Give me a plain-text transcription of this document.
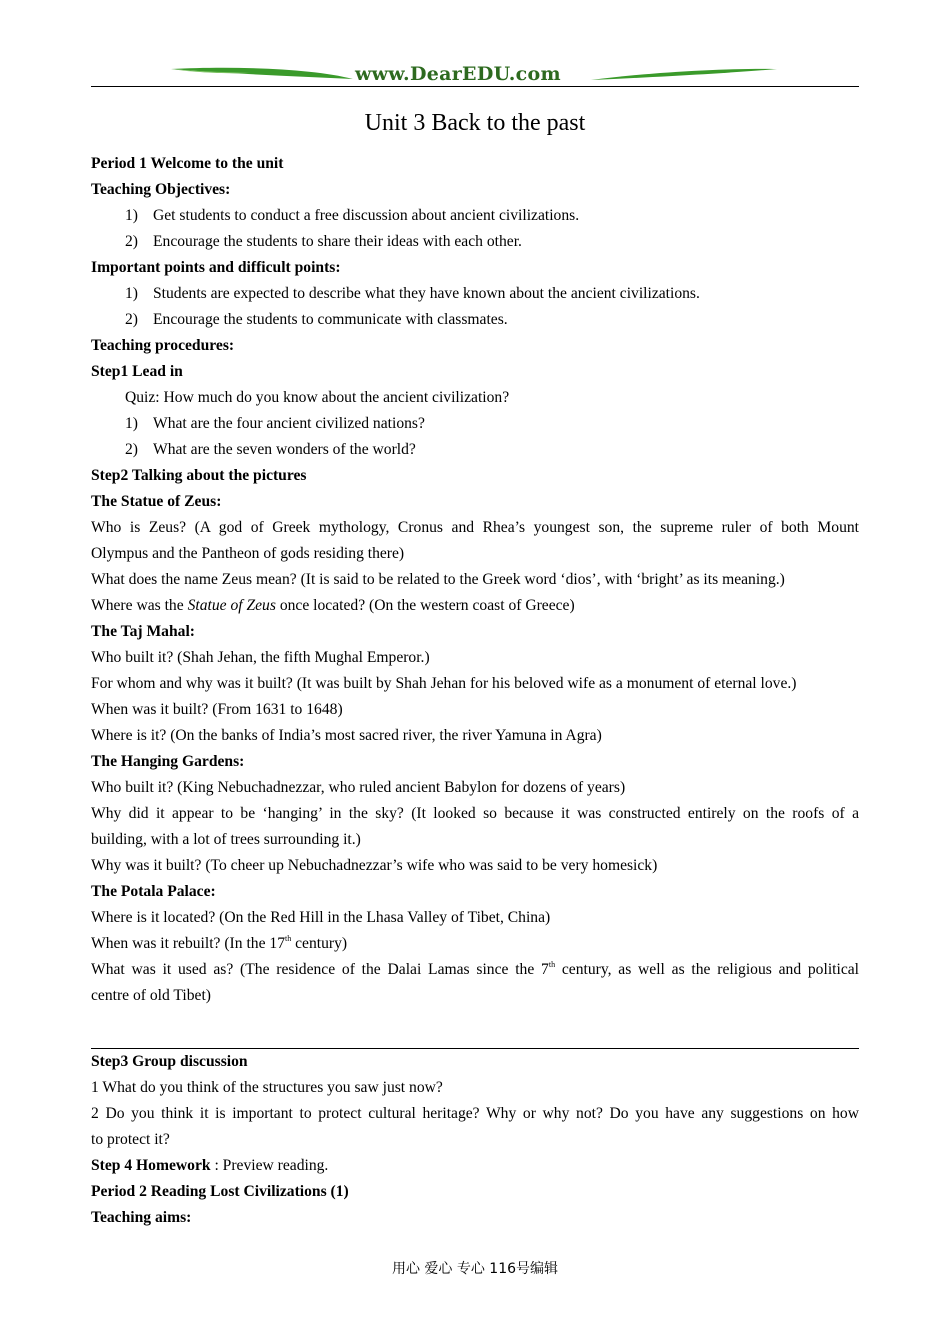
www.DearEDU.com
Unit 3 Back to the past
Period 1 Welcome to the unit
Teaching Objectives:
1) Get students to conduct a free discussion about ancient civilizations.
2) Encourage the students to share their ideas with each other.
Important points and difficult points:
1) Students are expected to describe what they have known about the ancient civilizations.
2) Encourage the students to communicate with classmates.
Teaching procedures:
Step1 Lead in
Quiz: How much do you know about the ancient civilization?
1) What are the four ancient civilized nations?
2) What are the seven wonders of the world?
Step2 Talking about the pictures
The Statue of Zeus:
Who is Zeus? (A god of Greek mythology, Cronus and Rhea’s youngest son, the supreme ruler of both Mount
Olympus and the Pantheon of gods residing there)
What does the name Zeus mean? (It is said to be related to the Greek word ‘dios’, with ‘bright’ as its meaning.)
Where was the Statue of Zeus once located? (On the western coast of Greece)
The Taj Mahal:
Who built it? (Shah Jehan, the fifth Mughal Emperor.)
For whom and why was it built? (It was built by Shah Jehan for his beloved wife as a monument of eternal love.)
When was it built? (From 1631 to 1648)
Where is it? (On the banks of India’s most sacred river, the river Yamuna in Agra)
The Hanging Gardens:
Who built it? (King Nebuchadnezzar, who ruled ancient Babylon for dozens of years)
Why did it appear to be ‘hanging’ in the sky? (It looked so because it was constructed entirely on the roofs of a
building, with a lot of trees surrounding it.)
Why was it built? (To cheer up Nebuchadnezzar’s wife who was said to be very homesick)
The Potala Palace:
Where is it located? (On the Red Hill in the Lhasa Valley of Tibet, China)
When was it rebuilt? (In the 17th century)
What was it used as? (The residence of the Dalai Lamas since the 7th century, as well as the religious and political
centre of old Tibet)
Step3 Group discussion
1 What do you think of the structures you saw just now?
2 Do you think it is important to protect cultural heritage? Why or why not? Do you have any suggestions on how
to protect it?
Step 4 Homework : Preview reading.
Period 2 Reading Lost Civilizations (1)
Teaching aims:
用心 爱心 专心 116号编辑
